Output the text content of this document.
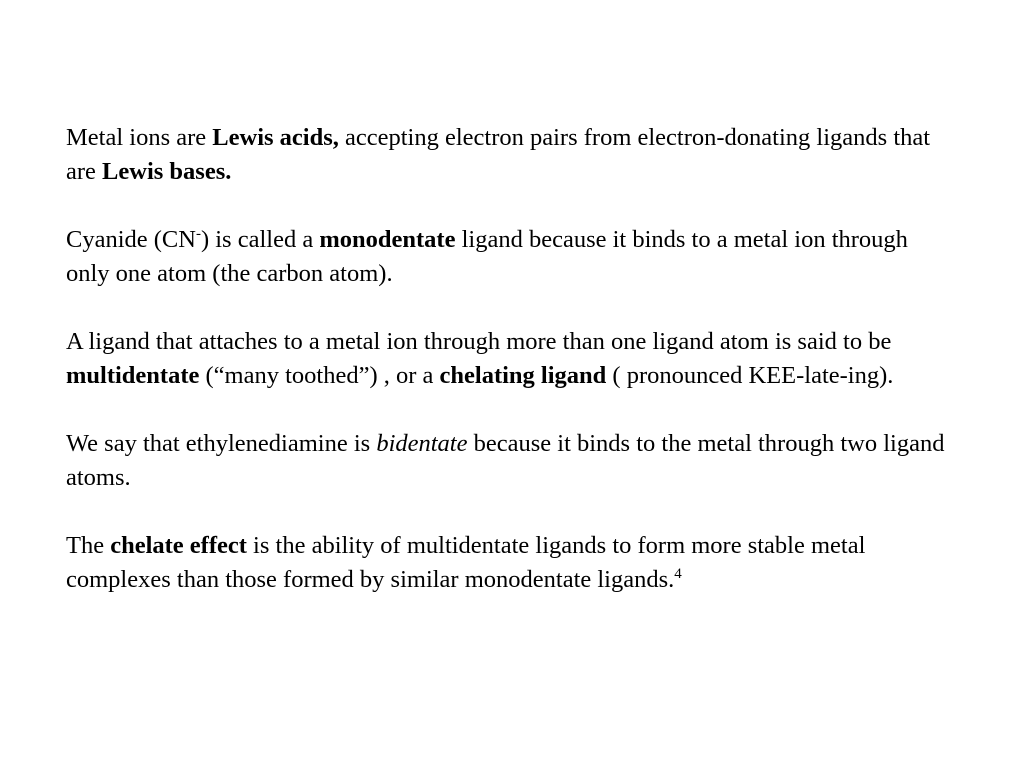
Metal ions are Lewis acids, accepting electron pairs from electron-donating ligands that are Lewis bases.

Cyanide (CN-) is called a monodentate ligand because it binds to a metal ion through only one atom (the carbon atom).

A ligand that attaches to a metal ion through more than one ligand atom is said to be multidentate (“many toothed”) , or a chelating ligand ( pronounced KEE-late-ing).

We say that ethylenediamine is bidentate because it binds to the metal through two ligand atoms.

The chelate effect is the ability of multidentate ligands to form more stable metal complexes than those formed by similar monodentate ligands.$^4$
